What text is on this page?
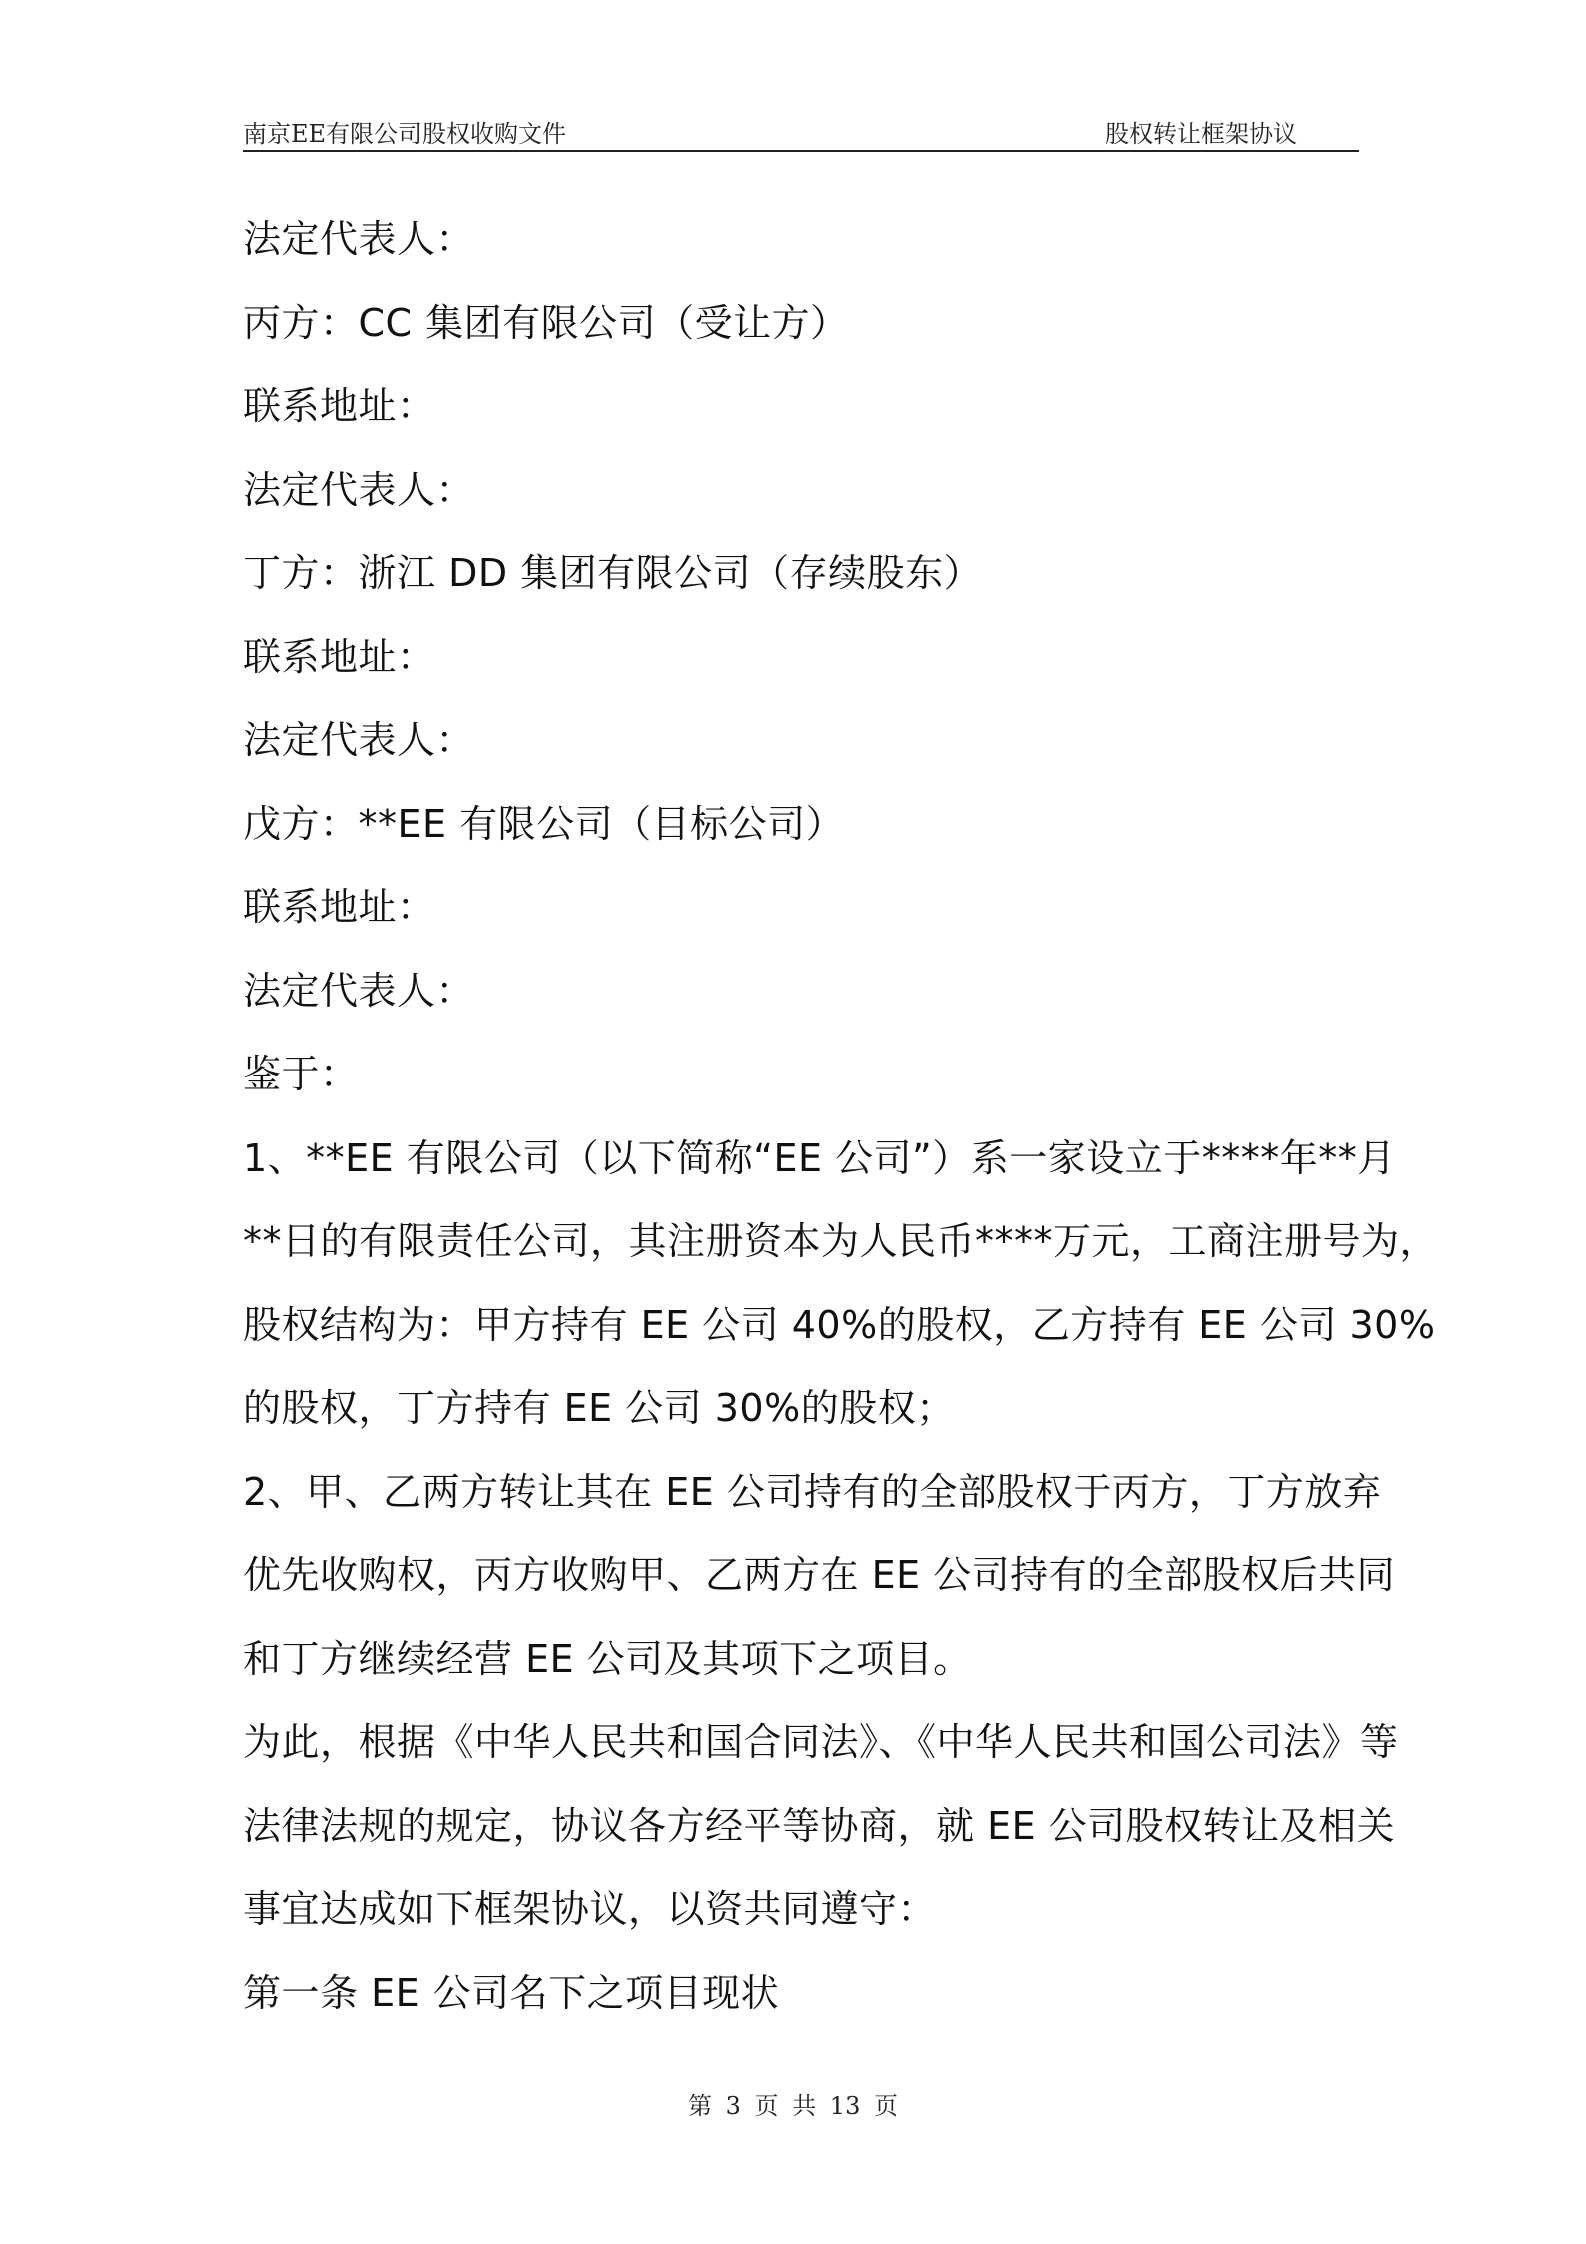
南京EE有限公司股权收购文件	股权转让框架协议
法定代表人：
丙方：CC 集团有限公司（受让方）
联系地址：
法定代表人：
丁方：浙江 DD 集团有限公司（存续股东）
联系地址：
法定代表人：
戊方：**EE 有限公司（目标公司）
联系地址：
法定代表人：
鉴于：
1、**EE 有限公司（以下简称“EE 公司”）系一家设立于****年**月
**日的有限责任公司，其注册资本为人民币****万元，工商注册号为，
股权结构为：甲方持有 EE 公司 40%的股权，乙方持有 EE 公司 30%
的股权，丁方持有 EE 公司 30%的股权；
2、甲、乙两方转让其在 EE 公司持有的全部股权于丙方，丁方放弃
优先收购权，丙方收购甲、乙两方在 EE 公司持有的全部股权后共同
和丁方继续经营 EE 公司及其项下之项目。
为此，根据《中华人民共和国合同法》、《中华人民共和国公司法》等
法律法规的规定，协议各方经平等协商，就 EE 公司股权转让及相关
事宜达成如下框架协议，以资共同遵守：
第一条 EE 公司名下之项目现状
第 3 页 共 13 页
